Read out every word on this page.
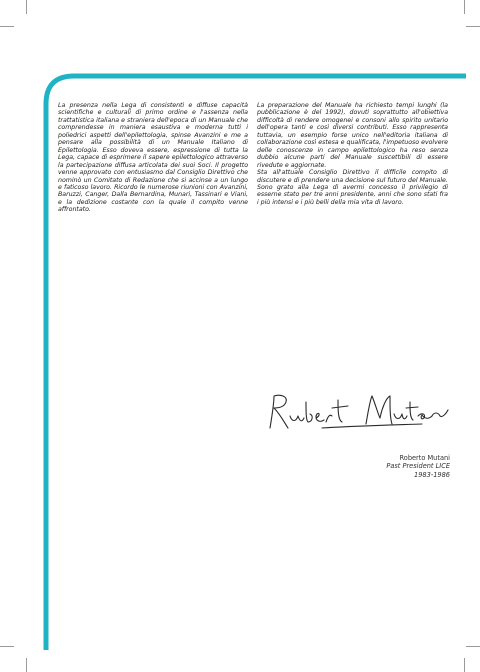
La presenza nella Lega di consistenti e diffuse capacità scientifiche e culturali di primo ordine e l'assenza nella trattatistica italiana e straniera dell'epoca di un Manuale che comprendesse in maniera esaustiva e moderna tutti i poliedrici aspetti dell'epilettologia, spinse Avanzini e me a pensare alla possibilità di un Manuale Italiano di Epilettologia. Esso doveva essere, espressione di tutta la Lega, capace di esprimere il sapere epilettologico attraverso la partecipazione diffusa articolata dei suoi Soci. Il progetto venne approvato con entusiasmo dal Consiglio Direttivo che nominò un Comitato di Redazione che si accinse a un lungo e faticoso lavoro. Ricordo le numerose riunioni con Avanzini, Baruzzi, Canger, Dalla Bernardina, Munari, Tassinari e Viani, e la dedizione costante con la quale il compito venne affrontato.

La preparazione del Manuale ha richiesto tempi lunghi (la pubblicazione è del 1992), dovuti soprattutto all'obiettiva difficoltà di rendere omogenei e consoni allo spirito unitario dell'opera tanti e così diversi contributi. Esso rappresenta tuttavia, un esempio forse unico nell'editoria italiana di collaborazione così estesa e qualificata, l'impetuoso evolvere delle conoscenze in campo epilettologico ha reso senza dubbio alcune parti del Manuale suscettibili di essere rivedute e aggiornate.

Sta all'attuale Consiglio Direttivo il difficile compito di discutere e di prendere una decisione sul futuro del Manuale.

Sono grato alla Lega di avermi concesso il privilegio di esserne stato per tre anni presidente, anni che sono stati fra i più intensi e i più belli della mia vita di lavoro.

Roberto Mutani
Past President LICE
1983-1986
